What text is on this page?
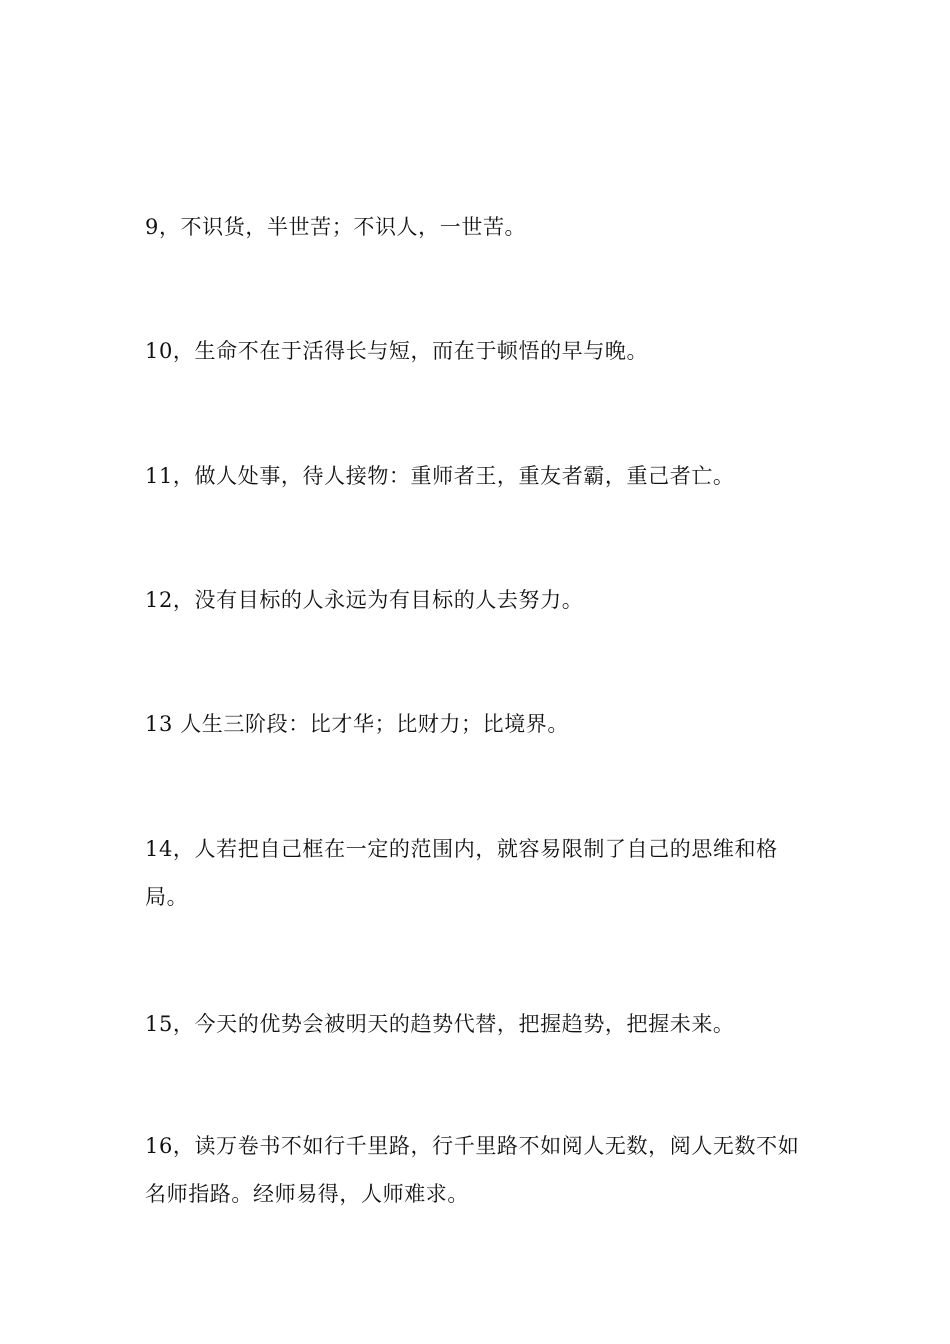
9，不识货，半世苦；不识人，一世苦。

10，生命不在于活得长与短，而在于顿悟的早与晚。

11，做人处事，待人接物：重师者王，重友者霸，重己者亡。

12，没有目标的人永远为有目标的人去努力。

13 人生三阶段：比才华；比财力；比境界。

14，人若把自己框在一定的范围内，就容易限制了自己的思维和格局。

15，今天的优势会被明天的趋势代替，把握趋势，把握未来。

16，读万卷书不如行千里路，行千里路不如阅人无数，阅人无数不如名师指路。经师易得，人师难求。
